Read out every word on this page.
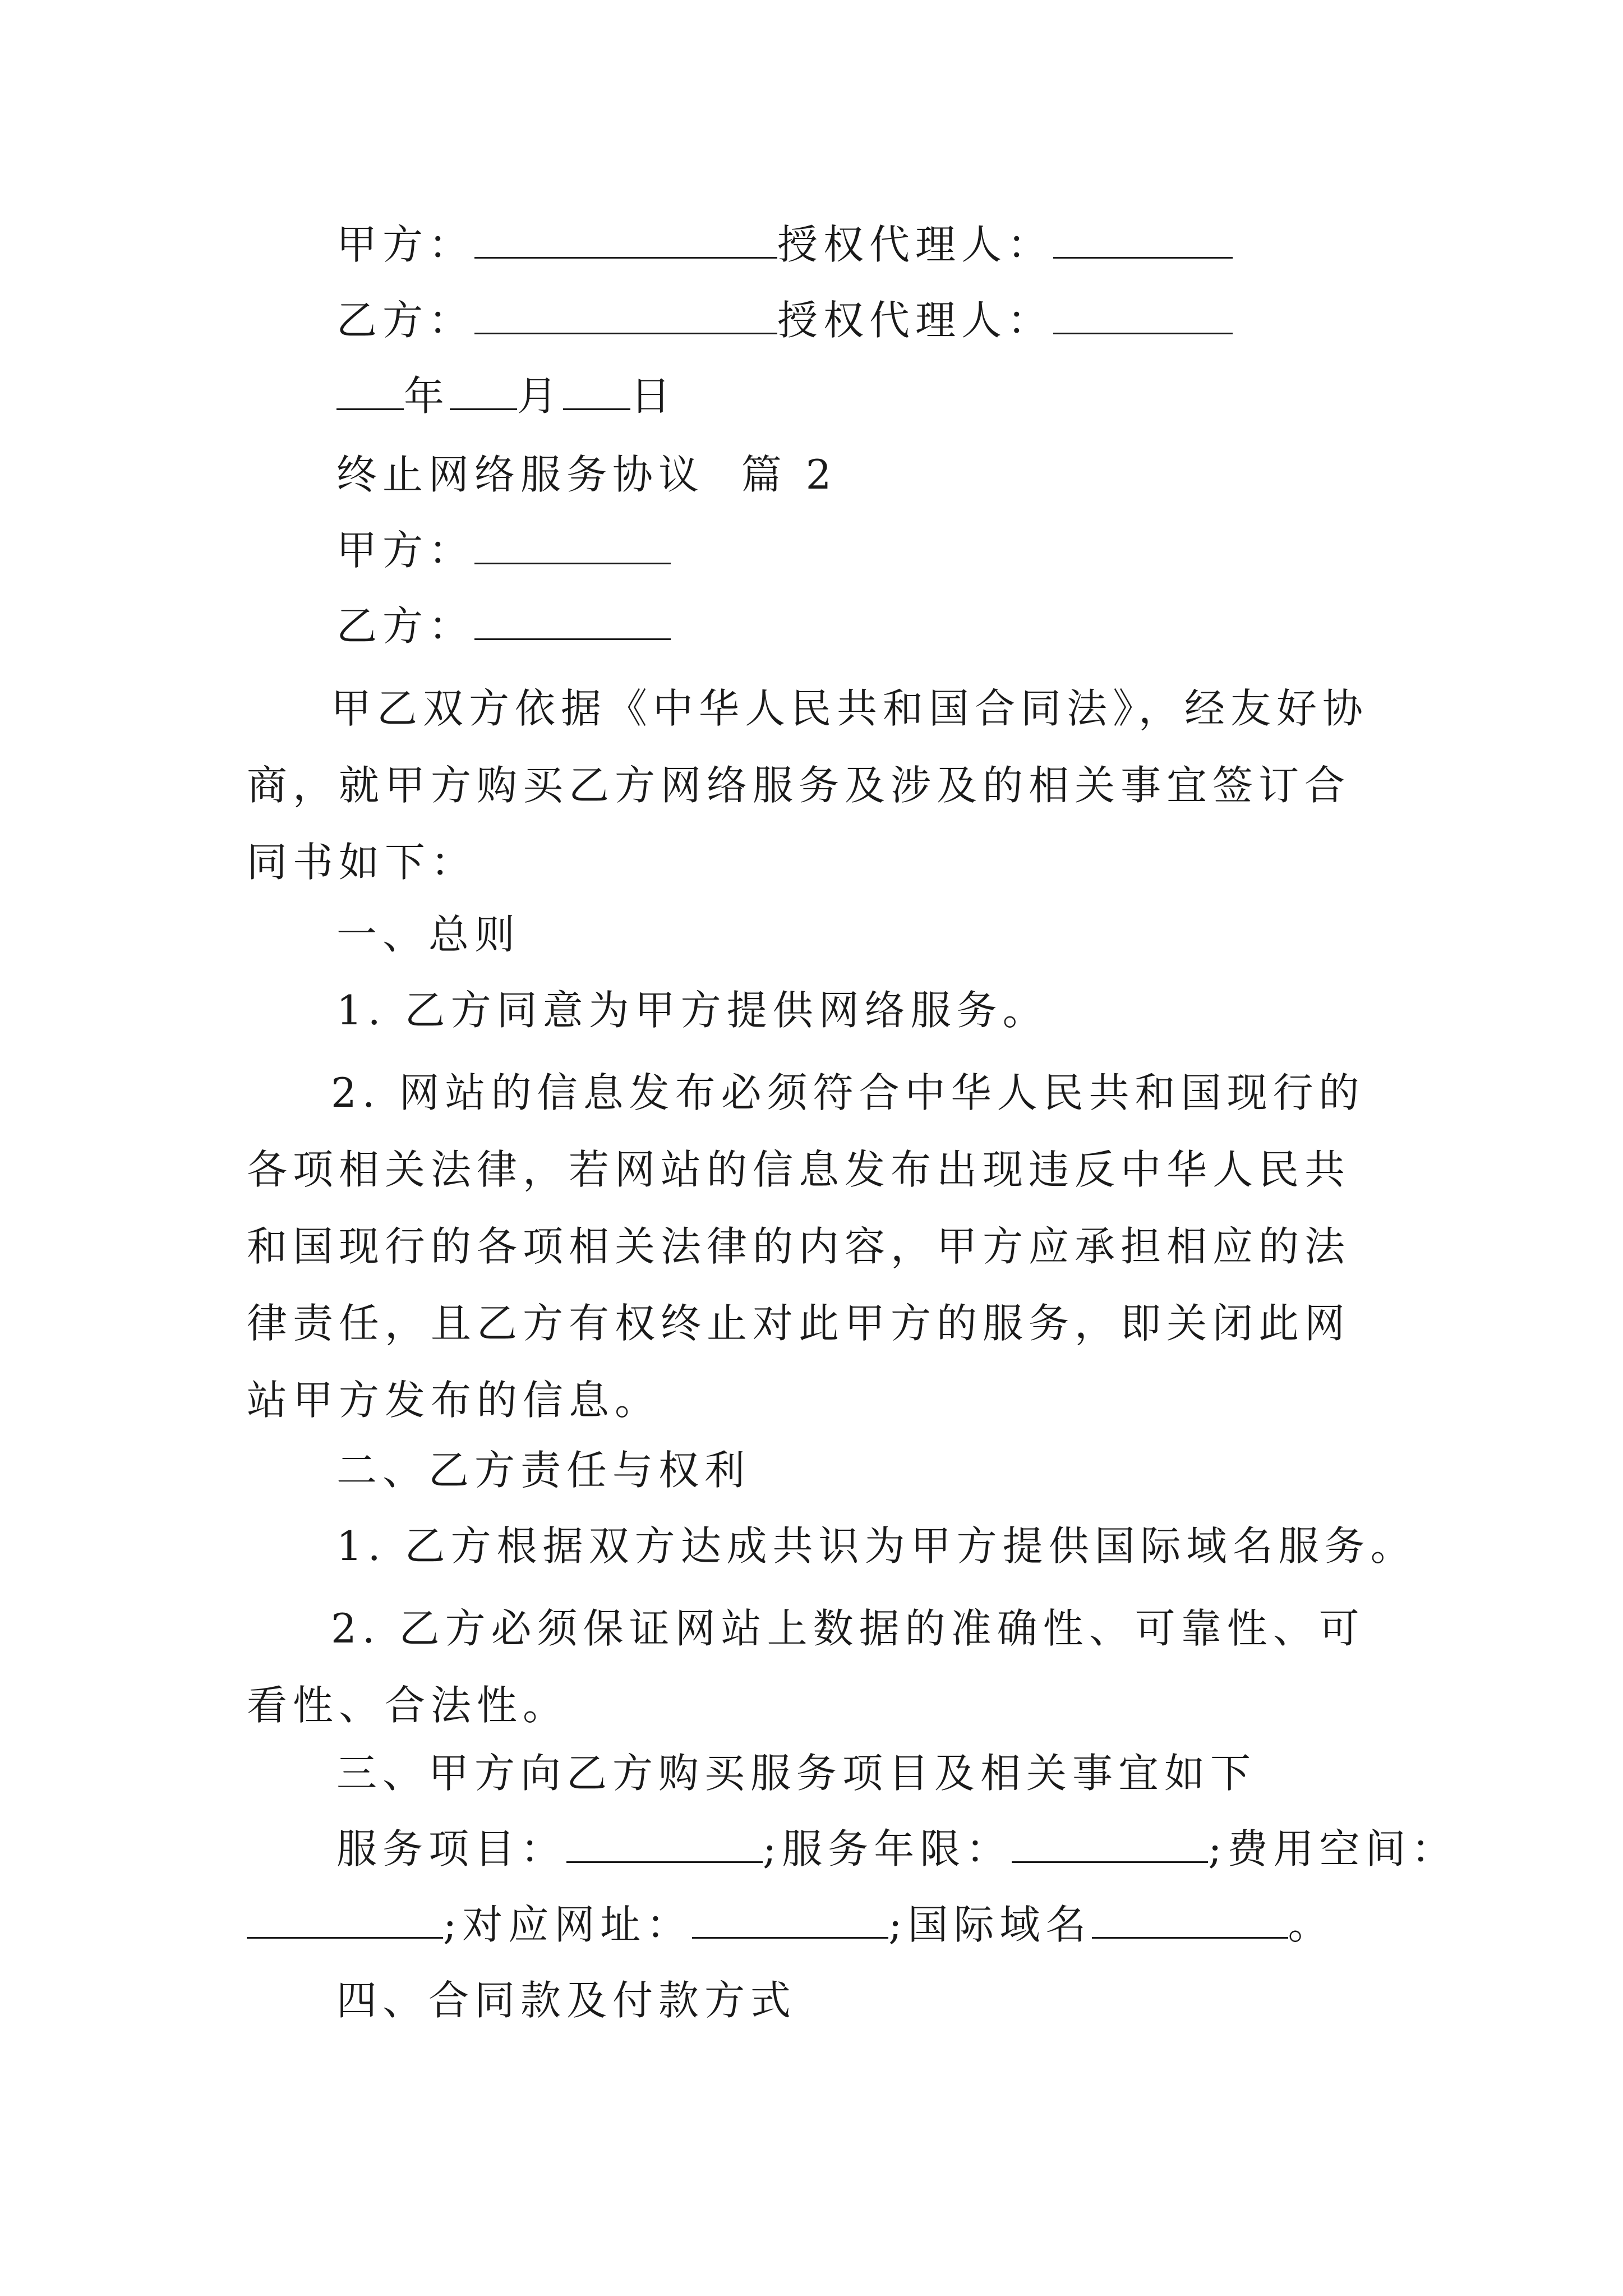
甲方：	授权代理人：
乙方：	授权代理人：
年 月 日
终止网络服务协议  篇 2
甲方：
乙方：
甲乙双方依据《中华人民共和国合同法》，经友好协商，就甲方购买乙方网络服务及涉及的相关事宜签订合同书如下：
一、总则
1. 乙方同意为甲方提供网络服务。
2. 网站的信息发布必须符合中华人民共和国现行的各项相关法律，若网站的信息发布出现违反中华人民共和国现行的各项相关法律的内容，甲方应承担相应的法律责任，且乙方有权终止对此甲方的服务，即关闭此网站甲方发布的信息。
二、乙方责任与权利
1. 乙方根据双方达成共识为甲方提供国际域名服务。
2. 乙方必须保证网站上数据的准确性、可靠性、可看性、合法性。
三、甲方向乙方购买服务项目及相关事宜如下
服务项目：	;服务年限：	;费用空间：
;对应网址：	;国际域名	。
四、合同款及付款方式
